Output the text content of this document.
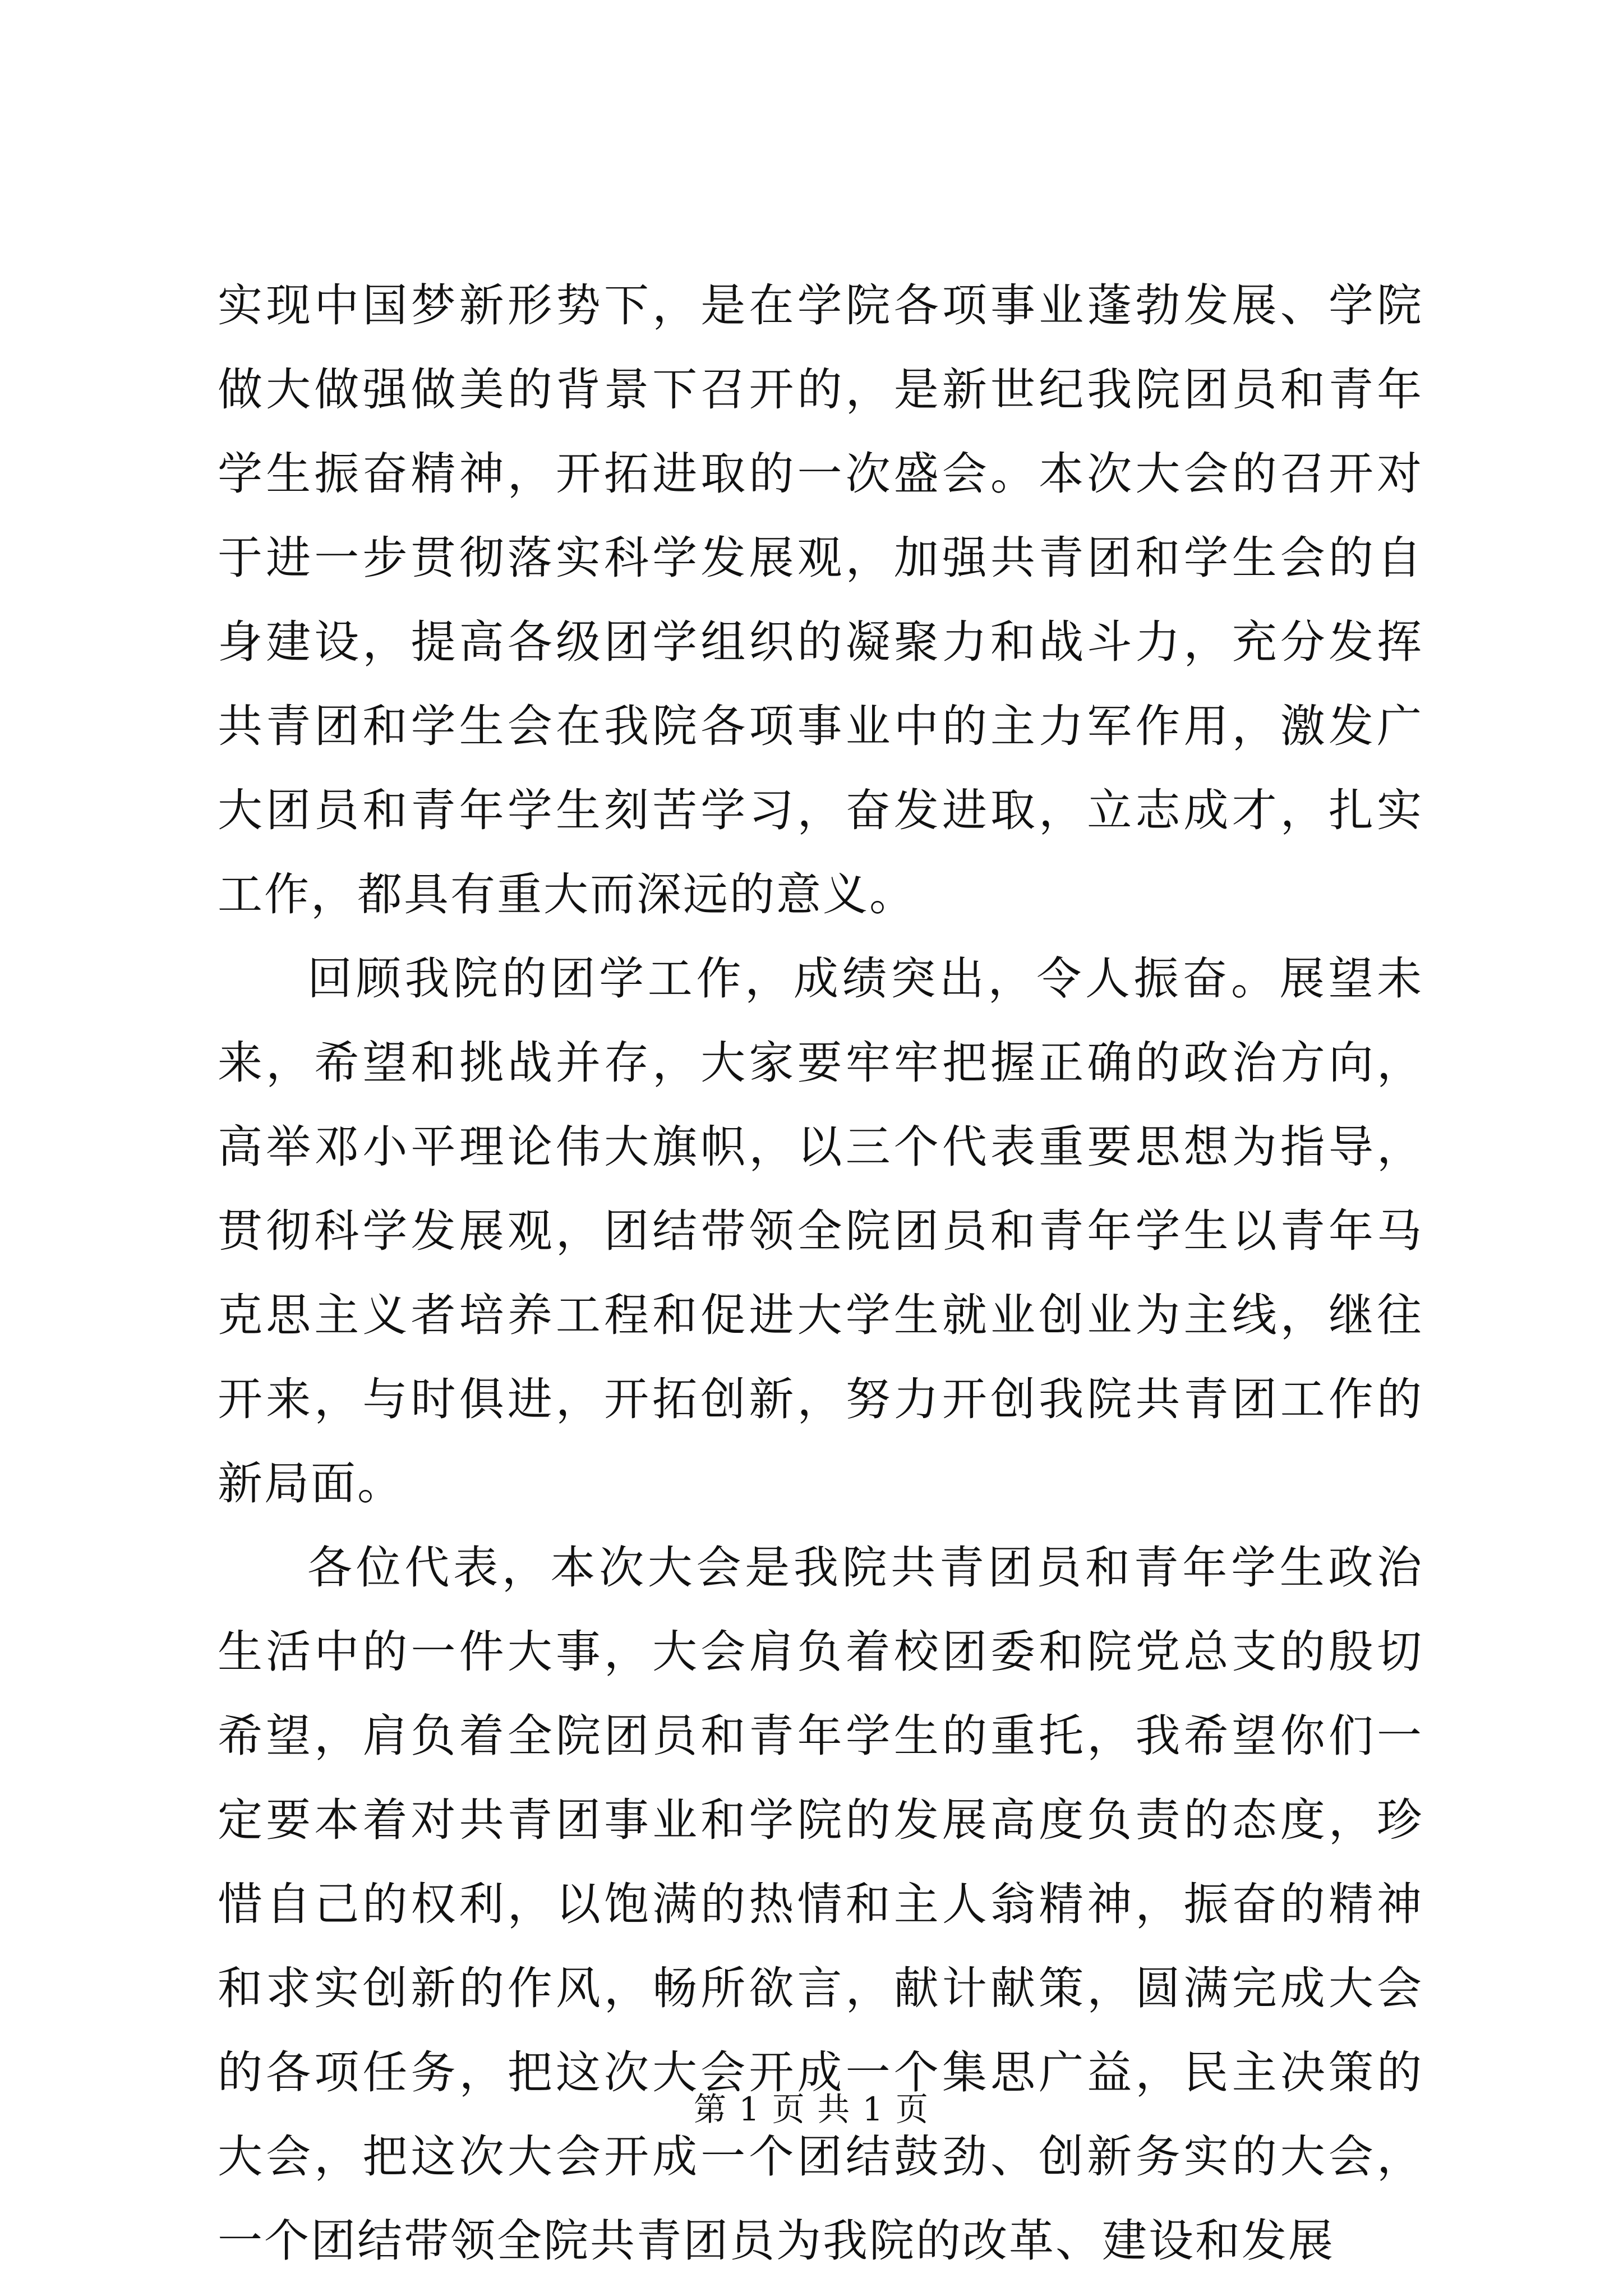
实现中国梦新形势下，是在学院各项事业蓬勃发展、学院做大做强做美的背景下召开的，是新世纪我院团员和青年学生振奋精神，开拓进取的一次盛会。本次大会的召开对于进一步贯彻落实科学发展观，加强共青团和学生会的自身建设，提高各级团学组织的凝聚力和战斗力，充分发挥共青团和学生会在我院各项事业中的主力军作用，激发广大团员和青年学生刻苦学习，奋发进取，立志成才，扎实工作，都具有重大而深远的意义。

回顾我院的团学工作，成绩突出，令人振奋。展望未来，希望和挑战并存，大家要牢牢把握正确的政治方向，高举邓小平理论伟大旗帜，以三个代表重要思想为指导，贯彻科学发展观，团结带领全院团员和青年学生以青年马克思主义者培养工程和促进大学生就业创业为主线，继往开来，与时俱进，开拓创新，努力开创我院共青团工作的新局面。

各位代表，本次大会是我院共青团员和青年学生政治生活中的一件大事，大会肩负着校团委和院党总支的殷切希望，肩负着全院团员和青年学生的重托，我希望你们一定要本着对共青团事业和学院的发展高度负责的态度，珍惜自己的权利，以饱满的热情和主人翁精神，振奋的精神和求实创新的作风，畅所欲言，献计献策，圆满完成大会的各项任务，把这次大会开成一个集思广益，民主决策的大会，把这次大会开成一个团结鼓劲、创新务实的大会，一个团结带领全院共青团员为我院的改革、建设和发展

第 1 页 共 1 页
